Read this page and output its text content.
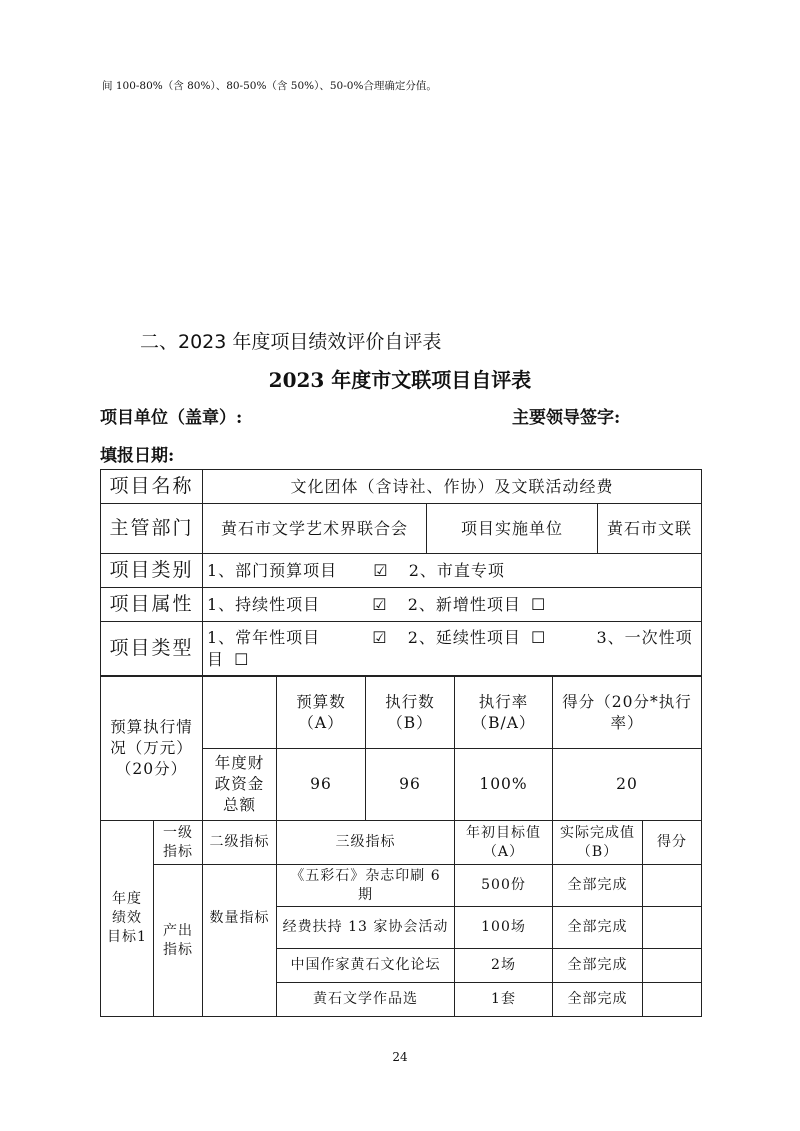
间 100-80%（含 80%）、80-50%（含 50%）、50-0%合理确定分值。
二、2023 年度项目绩效评价自评表
2023 年度市文联项目自评表
项目单位（盖章）:	主要领导签字:
填报日期:
项目名称	文化团体（含诗社、作协）及文联活动经费		
主管部门	黄石市文学艺术界联合会	项目实施单位	黄石市文联
项目类别	1、部门预算项目 ☑ 2、市直专项		
项目属性	1、持续性项目 ☑ 2、新增性项目 ☐		
项目类型	1、常年性项目 ☑ 2、延续性项目 ☐ 3、一次性项目 ☐		
预算执行情况（万元）（20分）		预算数（A）	执行数（B）	执行率（B/A）	得分（20分*执行率）
	年度财政资金总额	96	96	100%	20
年度绩效目标1	一级指标	二级指标	三级指标	年初目标值（A）	实际完成值（B）	得分
	产出指标	数量指标	《五彩石》杂志印刷 6 期	500份	全部完成	
			经费扶持 13 家协会活动	100场	全部完成	
			中国作家黄石文化论坛	2场	全部完成	
			黄石文学作品选	1套	全部完成	
24
